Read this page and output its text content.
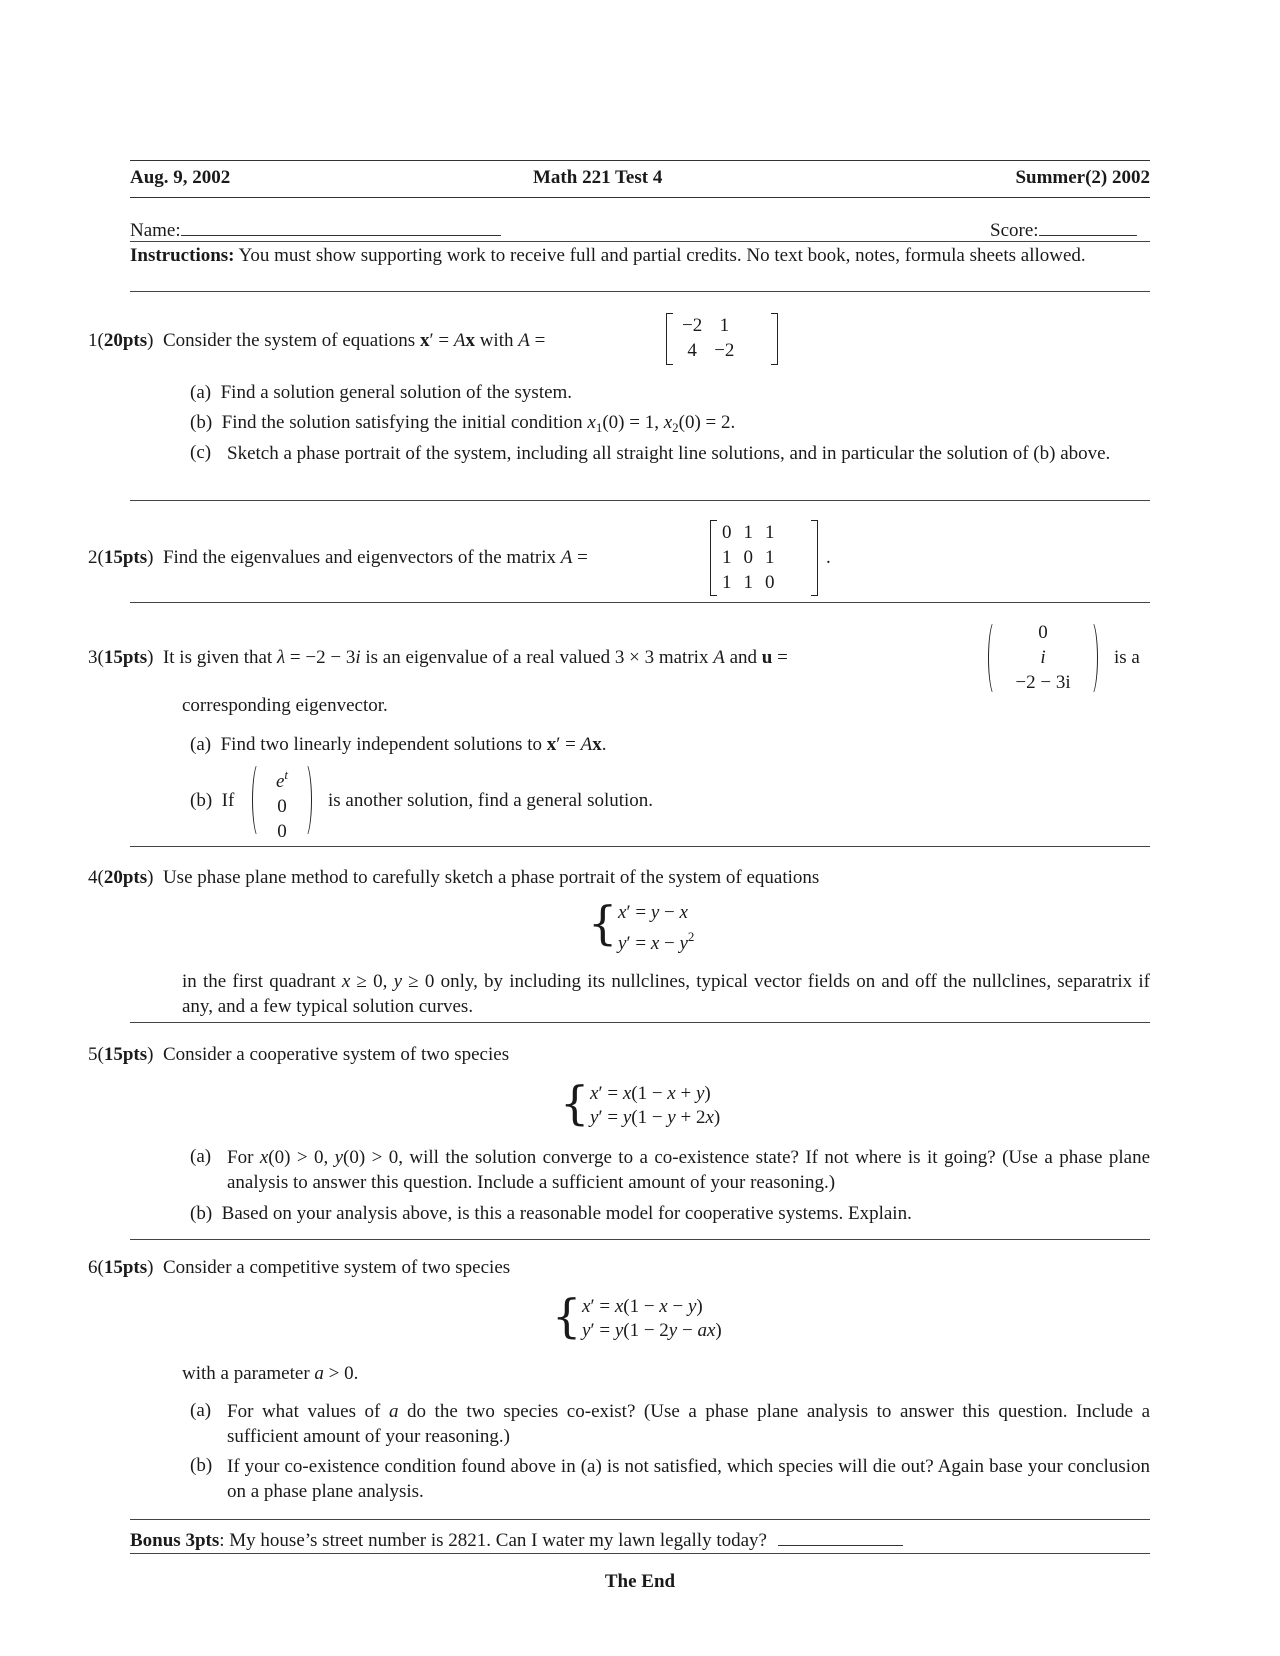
Aug. 9, 2002	Math 221 Test 4	Summer(2) 2002
Name:	Score:
Instructions: You must show supporting work to receive full and partial credits. No text book, notes, formula sheets allowed.
1(20pts) Consider the system of equations x′ = Ax with A =
−2	1
4	−2
(a) Find a solution general solution of the system.
(b) Find the solution satisfying the initial condition $x_1(0) = 1$, $x_2(0) = 2$.
(c) Sketch a phase portrait of the system, including all straight line solutions, and in particular the solution of (b) above.
2(15pts) Find the eigenvalues and eigenvectors of the matrix A =
0	1	1
1	0	1
1	1	0
.
3(15pts) It is given that λ = −2 − 3i is an eigenvalue of a real valued 3 × 3 matrix A and u =
0
i
−2 − 3i
is a
corresponding eigenvector.
(a) Find two linearly independent solutions to x′ = Ax.
(b) If
$e^t$
0
0
is another solution, find a general solution.
4(20pts) Use phase plane method to carefully sketch a phase portrait of the system of equations
{ x′ = y − x
$y' = x - y^2$
in the first quadrant x ≥ 0, y ≥ 0 only, by including its nullclines, typical vector fields on and off the nullclines, separatrix if any, and a few typical solution curves.
5(15pts) Consider a cooperative system of two species
{ x′ = x(1 − x + y)
y′ = y(1 − y + 2x)
(a) For x(0) > 0, y(0) > 0, will the solution converge to a co-existence state? If not where is it going? (Use a phase plane analysis to answer this question. Include a sufficient amount of your reasoning.)
(b) Based on your analysis above, is this a reasonable model for cooperative systems. Explain.
6(15pts) Consider a competitive system of two species
{ x′ = x(1 − x − y)
y′ = y(1 − 2y − ax)
with a parameter a > 0.
(a) For what values of a do the two species co-exist? (Use a phase plane analysis to answer this question. Include a sufficient amount of your reasoning.)
(b) If your co-existence condition found above in (a) is not satisfied, which species will die out? Again base your conclusion on a phase plane analysis.
Bonus 3pts: My house’s street number is 2821. Can I water my lawn legally today?
The End
